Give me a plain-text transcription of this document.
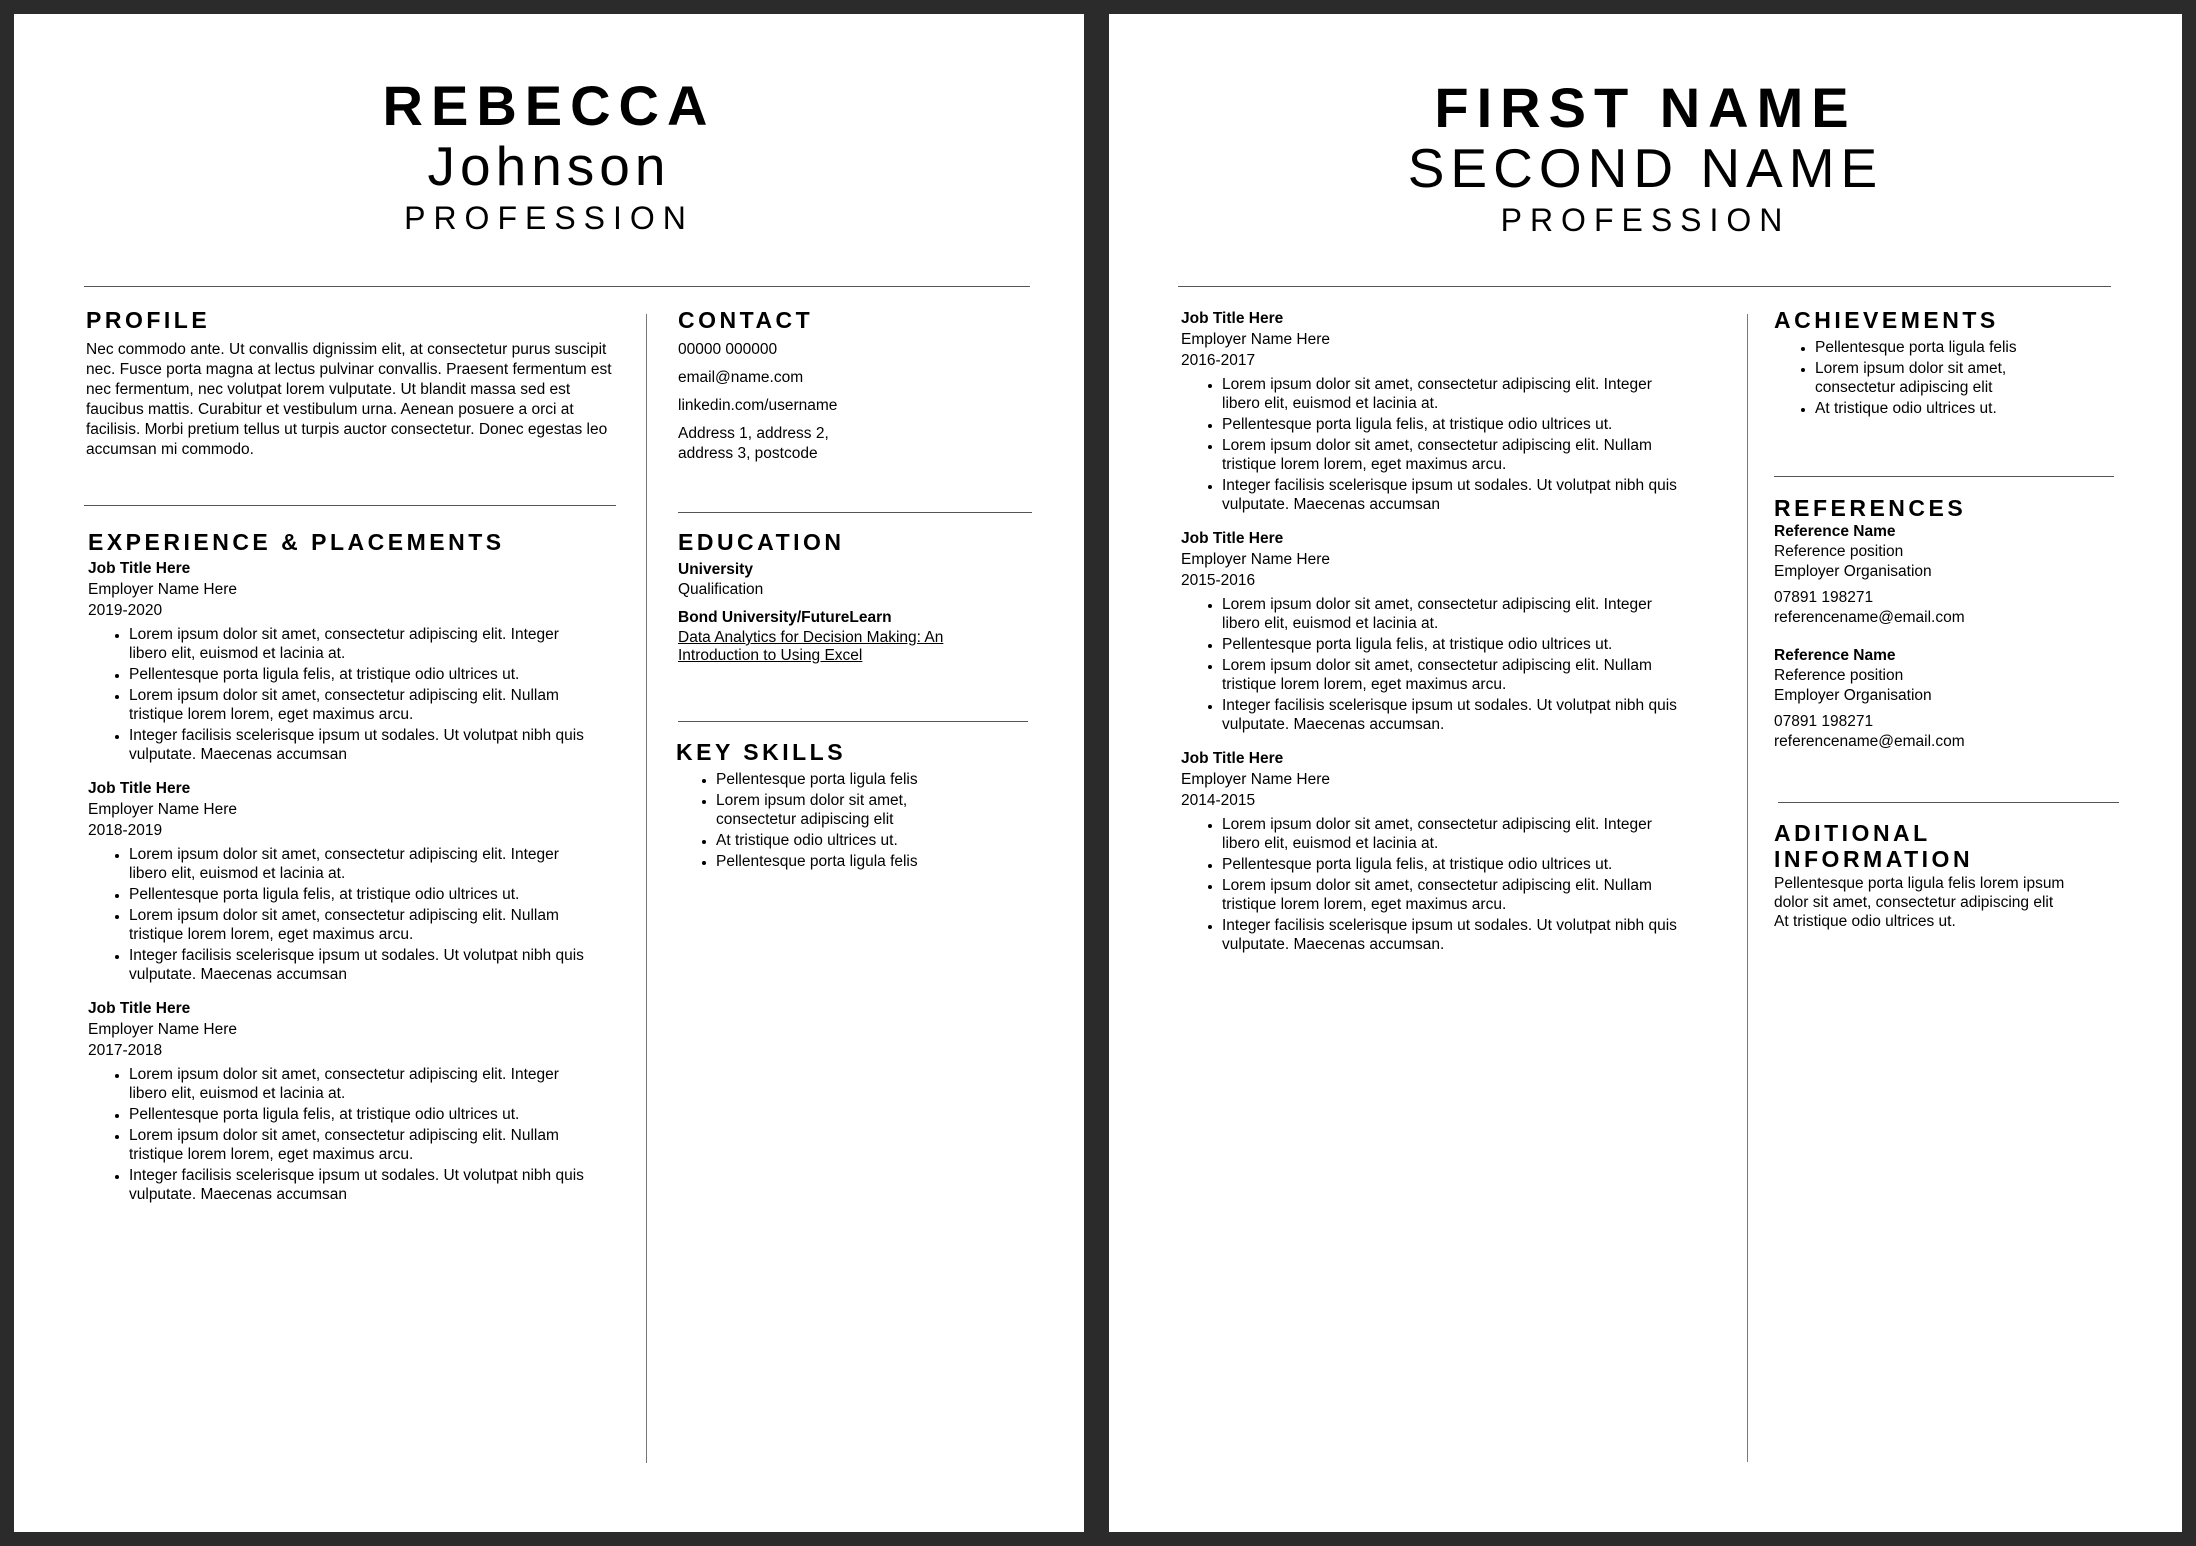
REBECCA
Johnson
PROFESSION
PROFILE

Nec commodo ante. Ut convallis dignissim elit, at consectetur purus suscipit nec. Fusce porta magna at lectus pulvinar convallis. Praesent fermentum est nec fermentum, nec volutpat lorem vulputate. Ut blandit massa sed est faucibus mattis. Curabitur et vestibulum urna. Aenean posuere a orci at facilisis. Morbi pretium tellus ut turpis auctor consectetur. Donec egestas leo accumsan mi commodo.

EXPERIENCE & PLACEMENTS
Job Title Here
Employer Name Here
2019-2020
• Lorem ipsum dolor sit amet, consectetur adipiscing elit. Integer libero elit, euismod et lacinia at.
• Pellentesque porta ligula felis, at tristique odio ultrices ut.
• Lorem ipsum dolor sit amet, consectetur adipiscing elit. Nullam tristique lorem lorem, eget maximus arcu.
• Integer facilisis scelerisque ipsum ut sodales. Ut volutpat nibh quis vulputate. Maecenas accumsan
Job Title Here
Employer Name Here
2018-2019
• Lorem ipsum dolor sit amet, consectetur adipiscing elit. Integer libero elit, euismod et lacinia at.
• Pellentesque porta ligula felis, at tristique odio ultrices ut.
• Lorem ipsum dolor sit amet, consectetur adipiscing elit. Nullam tristique lorem lorem, eget maximus arcu.
• Integer facilisis scelerisque ipsum ut sodales. Ut volutpat nibh quis vulputate. Maecenas accumsan
Job Title Here
Employer Name Here
2017-2018
• Lorem ipsum dolor sit amet, consectetur adipiscing elit. Integer libero elit, euismod et lacinia at.
• Pellentesque porta ligula felis, at tristique odio ultrices ut.
• Lorem ipsum dolor sit amet, consectetur adipiscing elit. Nullam tristique lorem lorem, eget maximus arcu.
• Integer facilisis scelerisque ipsum ut sodales. Ut volutpat nibh quis vulputate. Maecenas accumsan
CONTACT
00000 000000
email@name.com
linkedin.com/username
Address 1, address 2,
address 3, postcode
EDUCATION
University
Qualification
Bond University/FutureLearn
Data Analytics for Decision Making: An
Introduction to Using Excel
KEY SKILLS
• Pellentesque porta ligula felis
• Lorem ipsum dolor sit amet, consectetur adipiscing elit
• At tristique odio ultrices ut.
• Pellentesque porta ligula felis
FIRST NAME
SECOND NAME
PROFESSION
Job Title Here
Employer Name Here
2016-2017
• Lorem ipsum dolor sit amet, consectetur adipiscing elit. Integer libero elit, euismod et lacinia at.
• Pellentesque porta ligula felis, at tristique odio ultrices ut.
• Lorem ipsum dolor sit amet, consectetur adipiscing elit. Nullam tristique lorem lorem, eget maximus arcu.
• Integer facilisis scelerisque ipsum ut sodales. Ut volutpat nibh quis vulputate. Maecenas accumsan
Job Title Here
Employer Name Here
2015-2016
• Lorem ipsum dolor sit amet, consectetur adipiscing elit. Integer libero elit, euismod et lacinia at.
• Pellentesque porta ligula felis, at tristique odio ultrices ut.
• Lorem ipsum dolor sit amet, consectetur adipiscing elit. Nullam tristique lorem lorem, eget maximus arcu.
• Integer facilisis scelerisque ipsum ut sodales. Ut volutpat nibh quis vulputate. Maecenas accumsan.
Job Title Here
Employer Name Here
2014-2015
• Lorem ipsum dolor sit amet, consectetur adipiscing elit. Integer libero elit, euismod et lacinia at.
• Pellentesque porta ligula felis, at tristique odio ultrices ut.
• Lorem ipsum dolor sit amet, consectetur adipiscing elit. Nullam tristique lorem lorem, eget maximus arcu.
• Integer facilisis scelerisque ipsum ut sodales. Ut volutpat nibh quis vulputate. Maecenas accumsan.
ACHIEVEMENTS
• Pellentesque porta ligula felis
• Lorem ipsum dolor sit amet, consectetur adipiscing elit
• At tristique odio ultrices ut.
REFERENCES
Reference Name
Reference position
Employer Organisation
07891 198271
referencename@email.com
Reference Name
Reference position
Employer Organisation
07891 198271
referencename@email.com
ADITIONAL
INFORMATION
Pellentesque porta ligula felis lorem ipsum
dolor sit amet, consectetur adipiscing elit
At tristique odio ultrices ut.
